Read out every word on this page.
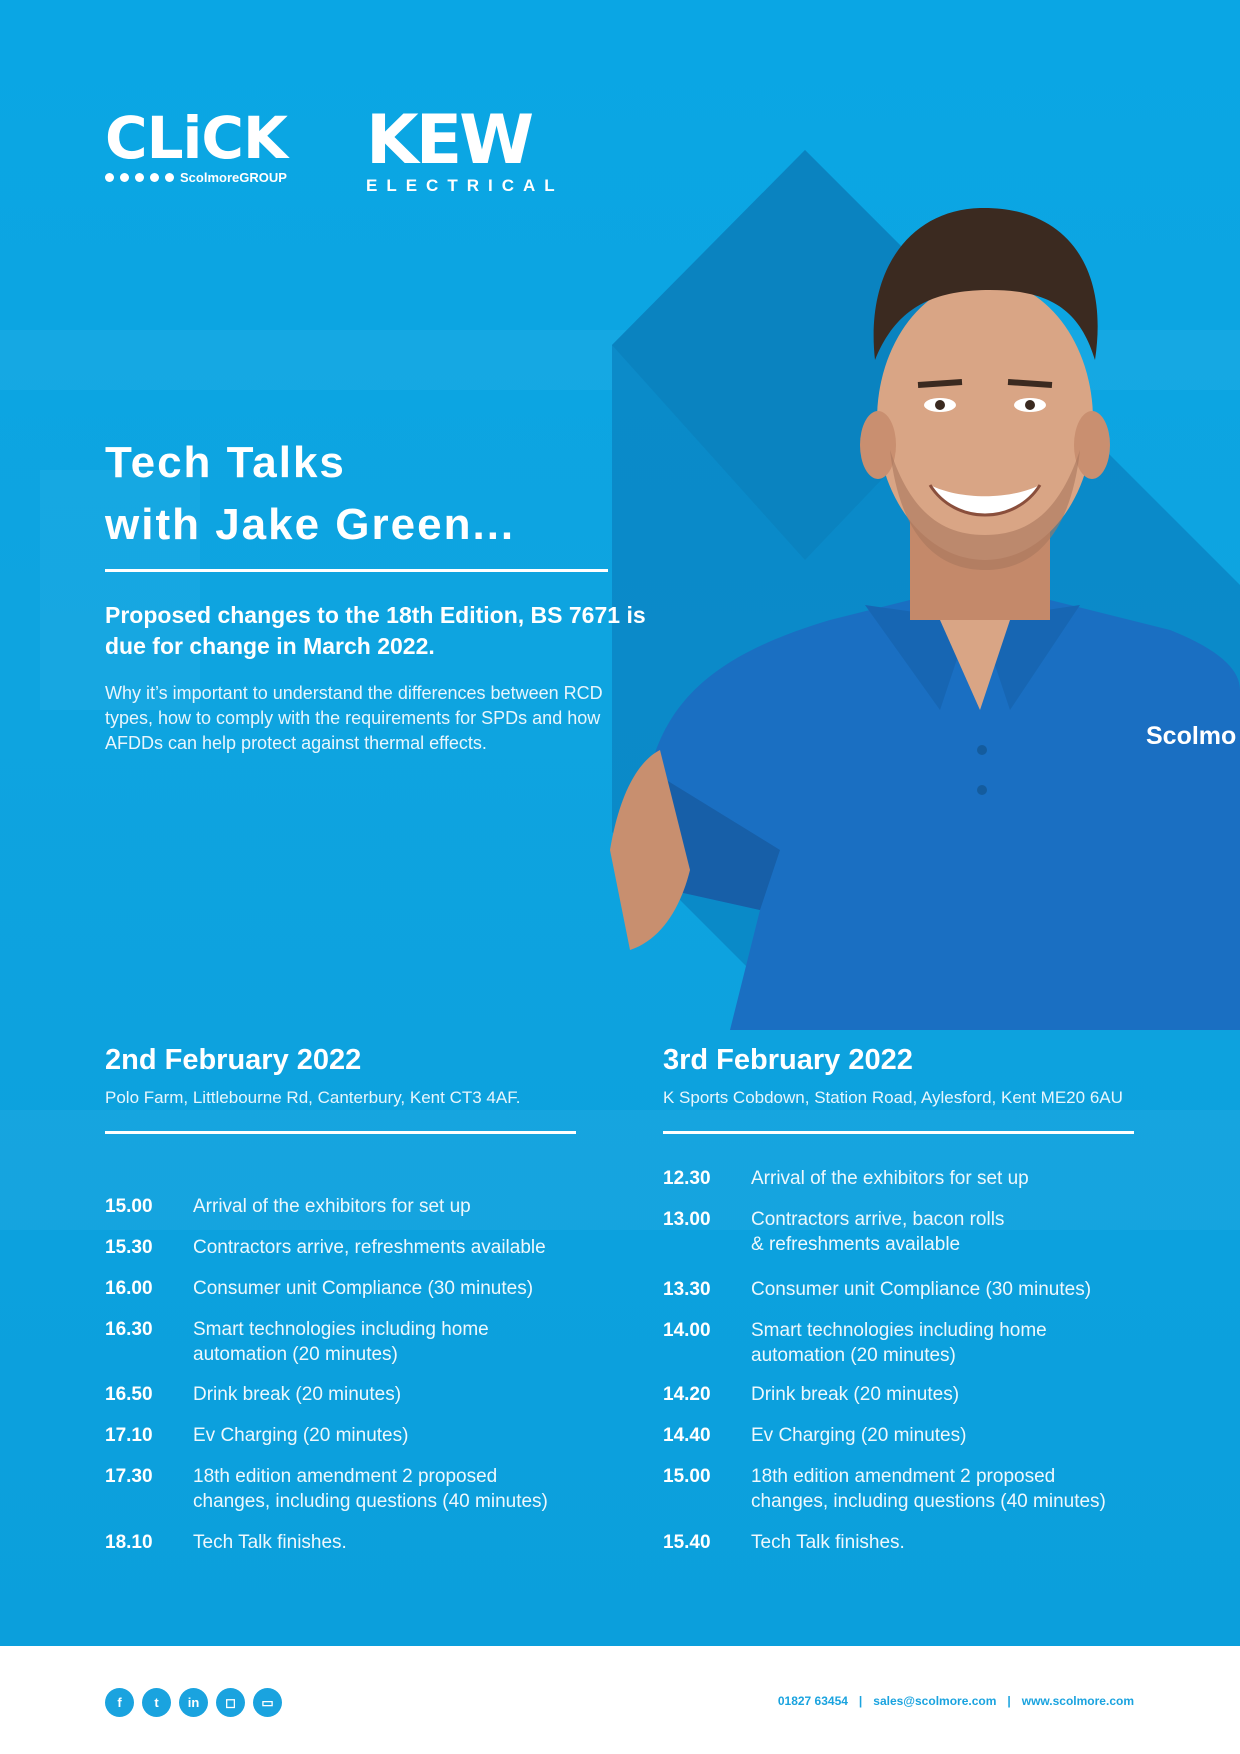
Scolmo
CLiCK
ScolmoreGROUP KEW
ELECTRICAL
Tech Talks
with Jake Green...
Proposed changes to the 18th Edition, BS 7671 is due for change in March 2022.
Why it’s important to understand the differences between RCD types, how to comply with the requirements for SPDs and how AFDDs can help protect against thermal effects.
2nd February 2022
Polo Farm, Littlebourne Rd, Canterbury, Kent CT3 4AF.
15.00	Arrival of the exhibitors for set up
15.30	Contractors arrive, refreshments available
16.00	Consumer unit Compliance (30 minutes)
16.30	Smart technologies including home
automation (20 minutes)
16.50	Drink break (20 minutes)
17.10	Ev Charging (20 minutes)
17.30	18th edition amendment 2 proposed
changes, including questions (40 minutes)
18.10	Tech Talk finishes.
3rd February 2022
K Sports Cobdown, Station Road, Aylesford, Kent ME20 6AU
12.30	Arrival of the exhibitors for set up
13.00	Contractors arrive, bacon rolls
& refreshments available
13.30	Consumer unit Compliance (30 minutes)
14.00	Smart technologies including home
automation (20 minutes)
14.20	Drink break (20 minutes)
14.40	Ev Charging (20 minutes)
15.00	18th edition amendment 2 proposed
changes, including questions (40 minutes)
15.40	Tech Talk finishes.
f	t	in	◻	▭	01827 63454 | sales@scolmore.com | www.scolmore.com
